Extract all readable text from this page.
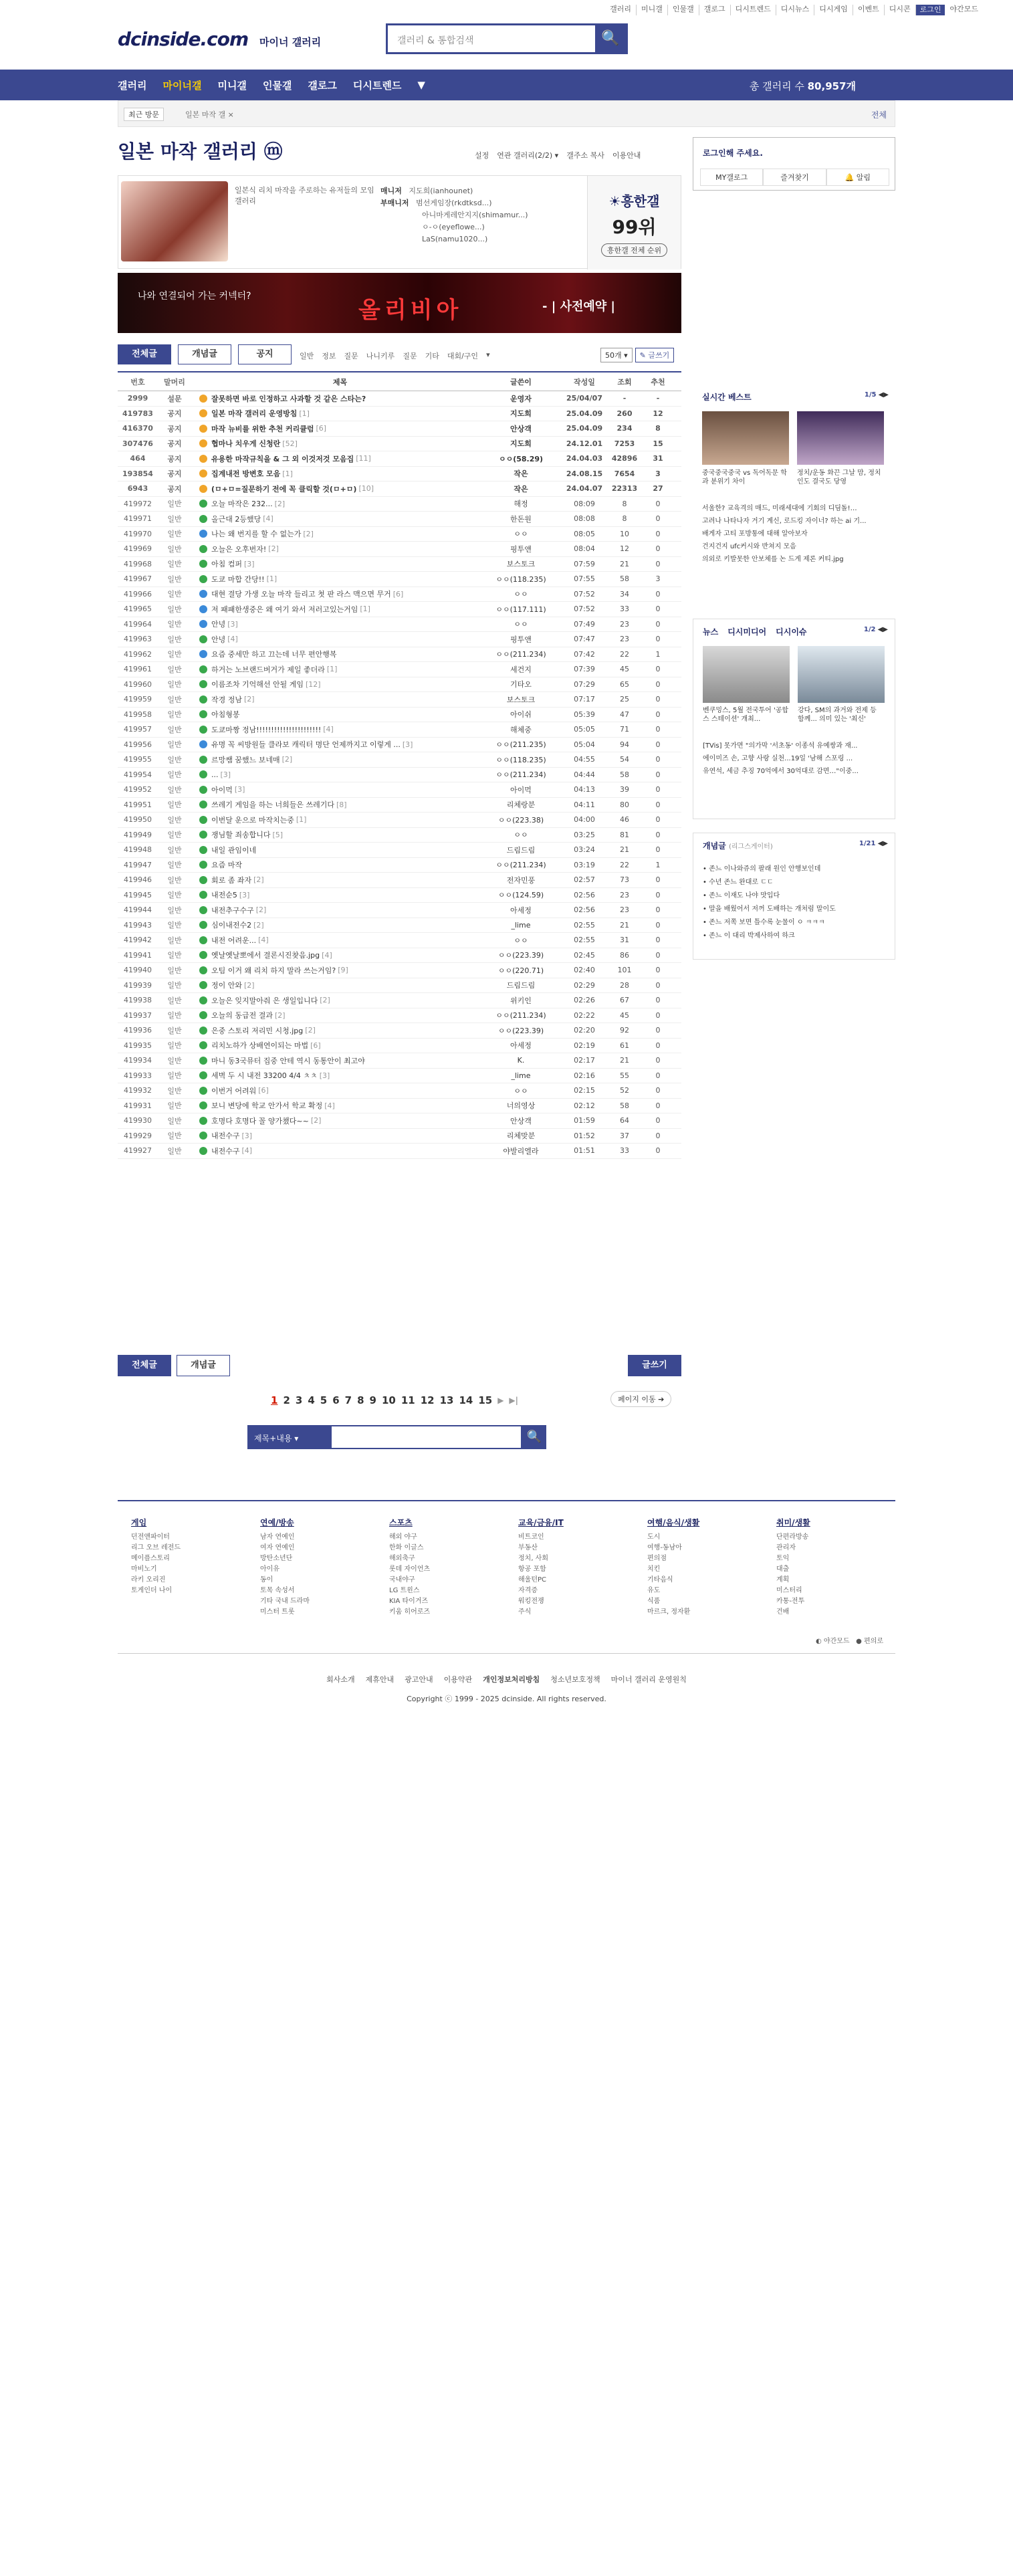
갤러리	미니갤	인물갤	갤로그	디시트렌드	디시뉴스	디시게임	이벤트	디시콘	로그인	야간모드
dcinside.com 마이너 갤러리	갤러리 & 통합검색	🔍
갤러리 마이너갤 미니갤 인물갤 갤로그 디시트렌드 ▼	총 갤러리 수 80,957개
최근 방문	일본 마작 갤 ×	전체
일본 마작 갤러리 ⓜ	설정 연관 갤러리(2/2) ▾ 갤주소 복사 이용안내
일본식 리치 마작을 주로하는 유저들의 모임 갤러리
매니저 지도희(ianhounet)
부매니저 범선게임장(rkdtksd...)
아니마게레안지지(shimamur...)
ㅇ-ㅇ(eyeflowe...)
LaS(namu1020...)
☀흥한갤
99위
흥한갤 전체 순위
나와 연결되어 가는 커넥터?
올리비아	- | 사전예약 |
전체글	개념글	공지	일반 정보 질문 나니키루 질문 기타 대회/구인 ▾	50개 ▾	✎ 글쓰기
번호	말머리	제목	글쓴이	작성일	조회	추천
2999	설문	잘못하면 바로 인정하고 사과할 것 같은 스타는?	운영자	25/04/07	-	-
419783	공지	일본 마작 갤러리 운영방침 [1]	지도희	25.04.09	260	12
416370	공지	마작 뉴비를 위한 추천 커리큘럼 [6]	안상객	25.04.09	234	8
307476	공지	협마나 치우게 신청란 [52]	지도희	24.12.01	7253	15
464	공지	유용한 마작규칙을 & 그 외 이것저것 모음집 [11]	ㅇㅇ(58.29)	24.04.03	42896	31
193854	공지	집계내전 방변호 모음 [1]	작은	24.08.15	7654	3
6943	공지	(ㅁ+ㅁ=질문하기 전에 꼭 클릭할 것(ㅁ+ㅁ) [10]	작은	24.04.07	22313	27
419972	일반	오늘 마작은 232... [2]	해정	08:09	8	0
419971	일반	올근대 2등했당 [4]	한돈원	08:08	8	0
419970	일반	나는 왜 번지를 할 수 없는가 [2]	ㅇㅇ	08:05	10	0
419969	일반	오늘은 오후번자! [2]	핑투앤	08:04	12	0
419968	일반	아침 컴퍼 [3]	보스토크	07:59	21	0
419967	일반	도쿄 마합 간당!! [1]	ㅇㅇ(118.235)	07:55	58	3
419966	일반	대현 결당 가생 오늘 마작 들리고 첫 판 라스 맥으면 무거 [6]	ㅇㅇ	07:52	34	0
419965	일반	저 패패한생중은 왜 여기 와서 저러고있는거임 [1]	ㅇㅇ(117.111)	07:52	33	0
419964	일반	안녕 [3]	ㅇㅇ	07:49	23	0
419963	일반	안녕 [4]	핑투앤	07:47	23	0
419962	일반	요즘 중세만 하고 끄는데 너무 편안행복	ㅇㅇ(211.234)	07:42	22	1
419961	일반	하거는 노브랜드버거가 제일 좋더라 [1]	세건지	07:39	45	0
419960	일반	이름조차 기억해선 안될 게임 [12]	기타오	07:29	65	0
419959	일반	작경 정남 [2]	보스토크	07:17	25	0
419958	일반	아침형봉	아이쉬	05:39	47	0
419957	일반	도쿄마짱 정남!!!!!!!!!!!!!!!!!!!!!! [4]	해체중	05:05	71	0
419956	일반	유명 꼭 씨방원들 클라보 캐릭터 명단 언제까지고 이렇게 ... [3]	ㅇㅇ(211.235)	05:04	94	0
419955	일반	르망쌤 꿈했느 보네매 [2]	ㅇㅇ(118.235)	04:55	54	0
419954	일반	... [3]	ㅇㅇ(211.234)	04:44	58	0
419952	일반	아이먹 [3]	아이먹	04:13	39	0
419951	일반	쓰레기 게임을 하는 너희들은 쓰레기다 [8]	리체랑분	04:11	80	0
419950	일반	이번달 운으로 마작치는중 [1]	ㅇㅇ(223.38)	04:00	46	0
419949	일반	쟁님할 죄송합니다 [5]	ㅇㅇ	03:25	81	0
419948	일반	내일 관임이네	드림드림	03:24	21	0
419947	일반	요즘 마작	ㅇㅇ(211.234)	03:19	22	1
419946	일반	회로 좀 좌자 [2]	전자민풍	02:57	73	0
419945	일반	내전순5 [3]	ㅇㅇ(124.59)	02:56	23	0
419944	일반	내전추구수구 [2]	아세정	02:56	23	0
419943	일반	심이내전수2 [2]	_lime	02:55	21	0
419942	일반	내전 어려운... [4]	ㅇㅇ	02:55	31	0
419941	일반	옛날옛날뽀에서 결론시진찾음.jpg [4]	ㅇㅇ(223.39)	02:45	86	0
419940	일반	오팀 이거 왜 리치 하지 말라 쓰는거임? [9]	ㅇㅇ(220.71)	02:40	101	0
419939	일반	정이 안와 [2]	드림드림	02:29	28	0
419938	일반	오늘은 잊지말아줘 은 생일입니다 [2]	위키인	02:26	67	0
419937	일반	오늘의 동급전 결과 [2]	ㅇㅇ(211.234)	02:22	45	0
419936	일반	은중 스토리 저리민 시청.jpg [2]	ㅇㅇ(223.39)	02:20	92	0
419935	일반	리치노하가 상배연이되는 마법 [6]	아세정	02:19	61	0
419934	일반	마니 동3국뮤터 집중 안테 역시 동통안이 최고야	K.	02:17	21	0
419933	일반	세벽 두 시 내전 33200 4/4 ㅊㅊ [3]	_lime	02:16	55	0
419932	일반	이번거 어려워 [6]	ㅇㅇ	02:15	52	0
419931	일반	보니 변당에 학교 안가서 학교 확정 [4]	너의영상	02:12	58	0
419930	일반	호명다 호명다 꼴 양가챘다~~ [2]	안상객	01:59	64	0
419929	일반	내전수구 [3]	리체맞분	01:52	37	0
419927	일반	내전수구 [4]	야발리엘라	01:51	33	0
전체글	개념글	글쓰기
1 2 3 4 5 6 7 8 9 10 11 12 13 14 15 ▶ ▶|	페이지 이동 ➔
제목+내용 ▾	🔍
로그인해 주세요.
MY갤로그	즐겨찾기	🔔 알림
실시간 베스트	1/5 ◀▶
중국중국중국 vs 독어독문 학과 분위기 차이
정치/운동 화끈 그날 맘, 정치인도 결국도 당영
서울한? 교육격의 매드, 미래세대에 기회의 디딤돌!…
고려나 나타나자 거기 계신, 로드킹 자이너? 하는 ai 기...
배게자 고티 포방통에 대해 알아보자
건지건지 ufc커시와 반쳐지 모음
의외로 키발못한 안보체를 논 드게 제론 커티.jpg
뉴스 디시미디어 디시이슈	1/2 ◀▶
벤쿠밍스, 5월 전국투어 '공합스 스테이션' 개최...
강다, SM의 과거와 전제 등 함께... 의미 있는 '최신'
[TVis] 못가면 "의가막 '서초동' 이종석 유예쌍과 재...
에이미즈 손, 고향 사랑 실천...19일 '남해 스포링 ...
유연석, 세금 추징 70억에서 30억대로 감면…"이중...
개념글 (리그스게이터)	1/21 ◀▶
• 존느 이나와쥬의 팔래 원인 안행보인데
• 수년 존느 완대로 ㄷㄷ
• 존느 이재도 나야 맛입다
• 말을 배웠어서 저꺼 도배하는 개처럼 말이도
• 존느 저쪽 보면 틀수록 눈물이 ㅇ ㅋㅋㅋ
• 존느 이 대리 박제사하여 하크
게임
던전앤파이터
리그 오브 레전드
메이플스토리
마비노기
라키 오리진
토게인더 나이
연예/방송
남자 연예인
여자 연예인
방탄소년단
아이유
동이
토목 속성서
기타 국내 드라마
미스터 트롯
스포츠
해외 야구
한화 이글스
해외축구
롯데 자이언츠
국내야구
LG 트윈스
KIA 타이거즈
키움 히어로즈
교육/금융/IT
비트코인
부동산
정치, 사회
항공 포함
해울턴PC
자격증
워킹전쟁
주식
여행/음식/생활
도시
여행-동남아
편의점
치킨
기타음식
유도
식품
마르크, 정자환
취미/생활
단편라방송
관리자
토익
대출
계획
미스터리
카통-전투
건배
◐ 야간모드 ● 편의로
회사소개 제휴안내 광고안내 이용약관 개인정보처리방침 청소년보호정책 마이너 갤러리 운영원칙
Copyright ⓒ 1999 - 2025 dcinside. All rights reserved.
